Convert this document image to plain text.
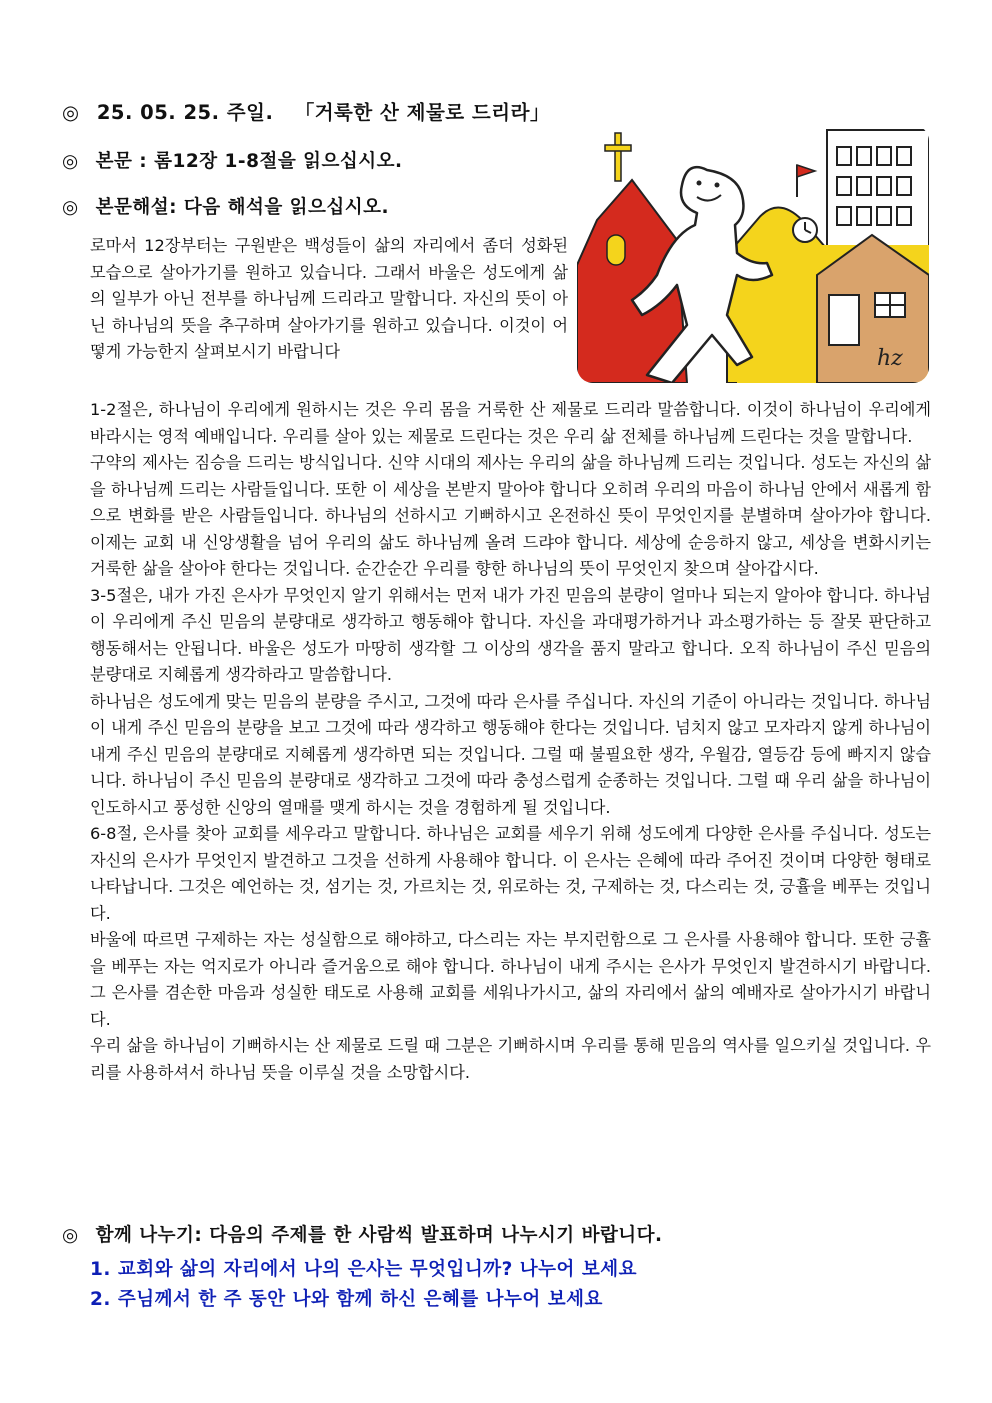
◎ 25. 05. 25. 주일. 「거룩한 산 제물로 드리라」
◎ 본문 : 롬12장 1-8절을 읽으십시오.
◎ 본문해설: 다음 해석을 읽으십시오.

로마서 12장부터는 구원받은 백성들이 삶의 자리에서 좀더 성화된 모습으로 살아가기를 원하고 있습니다. 그래서 바울은 성도에게 삶의 일부가 아닌 전부를 하나님께 드리라고 말합니다. 자신의 뜻이 아닌 하나님의 뜻을 추구하며 살아가기를 원하고 있습니다. 이것이 어떻게 가능한지 살펴보시기 바랍니다	hz

1-2절은, 하나님이 우리에게 원하시는 것은 우리 몸을 거룩한 산 제물로 드리라 말씀합니다. 이것이 하나님이 우리에게 바라시는 영적 예배입니다. 우리를 살아 있는 제물로 드린다는 것은 우리 삶 전체를 하나님께 드린다는 것을 말합니다.

구약의 제사는 짐승을 드리는 방식입니다. 신약 시대의 제사는 우리의 삶을 하나님께 드리는 것입니다. 성도는 자신의 삶을 하나님께 드리는 사람들입니다. 또한 이 세상을 본받지 말아야 합니다 오히려 우리의 마음이 하나님 안에서 새롭게 함으로 변화를 받은 사람들입니다. 하나님의 선하시고 기뻐하시고 온전하신 뜻이 무엇인지를 분별하며 살아가야 합니다. 이제는 교회 내 신앙생활을 넘어 우리의 삶도 하나님께 올려 드랴야 합니다. 세상에 순응하지 않고, 세상을 변화시키는 거룩한 삶을 살아야 한다는 것입니다. 순간순간 우리를 향한 하나님의 뜻이 무엇인지 찾으며 살아갑시다.

3-5절은, 내가 가진 은사가 무엇인지 알기 위해서는 먼저 내가 가진 믿음의 분량이 얼마나 되는지 알아야 합니다. 하나님이 우리에게 주신 믿음의 분량대로 생각하고 행동해야 합니다. 자신을 과대평가하거나 과소평가하는 등 잘못 판단하고 행동해서는 안됩니다. 바울은 성도가 마땅히 생각할 그 이상의 생각을 품지 말라고 합니다. 오직 하나님이 주신 믿음의 분량대로 지혜롭게 생각하라고 말씀합니다.

하나님은 성도에게 맞는 믿음의 분량을 주시고, 그것에 따라 은사를 주십니다. 자신의 기준이 아니라는 것입니다. 하나님이 내게 주신 믿음의 분량을 보고 그것에 따라 생각하고 행동해야 한다는 것입니다. 넘치지 않고 모자라지 않게 하나님이 내게 주신 믿음의 분량대로 지혜롭게 생각하면 되는 것입니다. 그럴 때 불필요한 생각, 우월감, 열등감 등에 빠지지 않습니다. 하나님이 주신 믿음의 분량대로 생각하고 그것에 따라 충성스럽게 순종하는 것입니다. 그럴 때 우리 삶을 하나님이 인도하시고 풍성한 신앙의 열매를 맺게 하시는 것을 경험하게 될 것입니다.

6-8절, 은사를 찾아 교회를 세우라고 말합니다. 하나님은 교회를 세우기 위해 성도에게 다양한 은사를 주십니다. 성도는 자신의 은사가 무엇인지 발견하고 그것을 선하게 사용해야 합니다. 이 은사는 은혜에 따라 주어진 것이며 다양한 형태로 나타납니다. 그것은 예언하는 것, 섬기는 것, 가르치는 것, 위로하는 것, 구제하는 것, 다스리는 것, 긍휼을 베푸는 것입니다.

바울에 따르면 구제하는 자는 성실함으로 해야하고, 다스리는 자는 부지런함으로 그 은사를 사용해야 합니다. 또한 긍휼을 베푸는 자는 억지로가 아니라 즐거움으로 해야 합니다. 하나님이 내게 주시는 은사가 무엇인지 발견하시기 바랍니다. 그 은사를 겸손한 마음과 성실한 태도로 사용해 교회를 세워나가시고, 삶의 자리에서 삶의 예배자로 살아가시기 바랍니다.

우리 삶을 하나님이 기뻐하시는 산 제물로 드릴 때 그분은 기뻐하시며 우리를 통해 믿음의 역사를 일으키실 것입니다. 우리를 사용하셔서 하나님 뜻을 이루실 것을 소망합시다.

◎ 함께 나누기: 다음의 주제를 한 사람씩 발표하며 나누시기 바랍니다.
1. 교회와 삶의 자리에서 나의 은사는 무엇입니까? 나누어 보세요
2. 주님께서 한 주 동안 나와 함께 하신 은혜를 나누어 보세요
